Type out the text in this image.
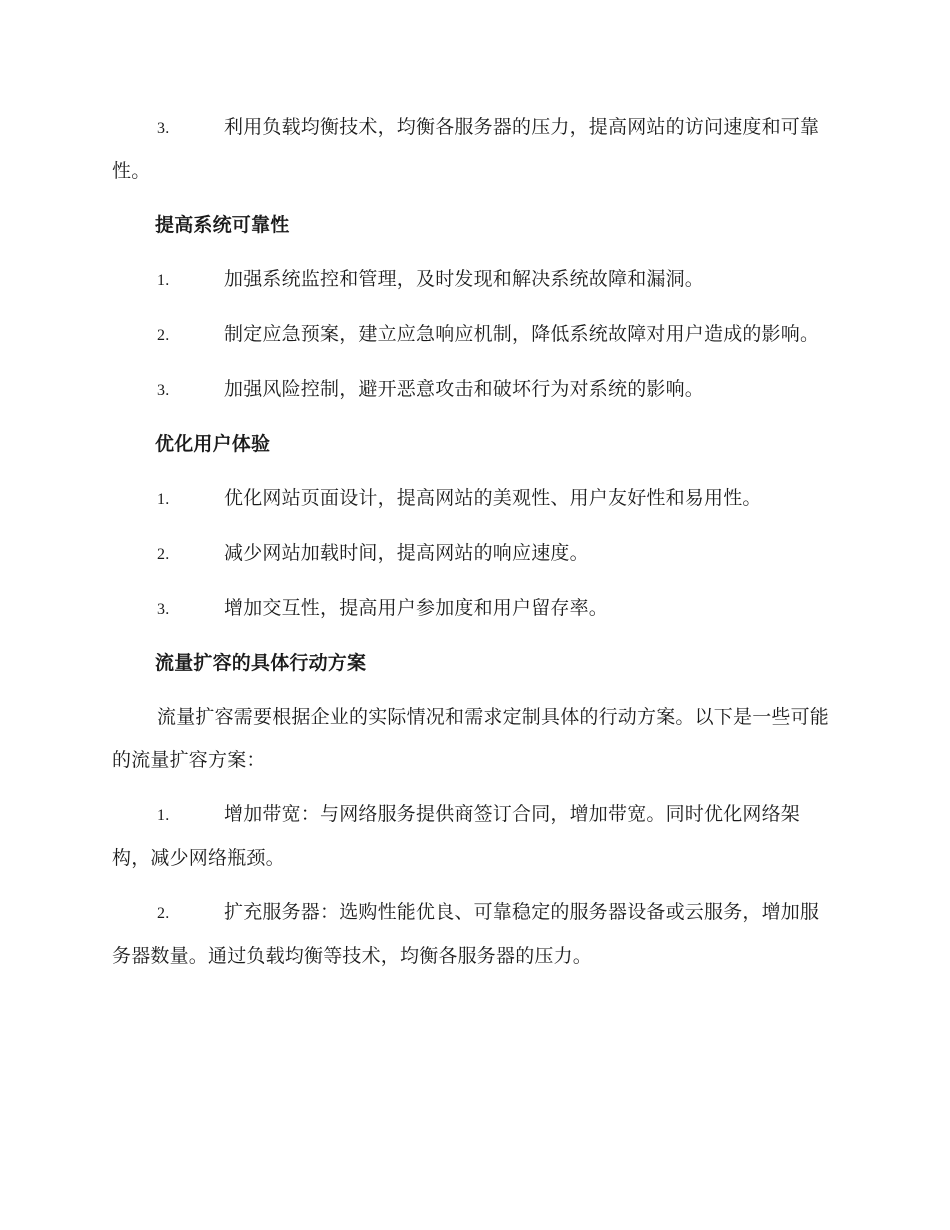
3.	利用负载均衡技术，均衡各服务器的压力，提高网站的访问速度和可靠性。

提高系统可靠性

1.	加强系统监控和管理，及时发现和解决系统故障和漏洞。

2.	制定应急预案，建立应急响应机制，降低系统故障对用户造成的影响。

3.	加强风险控制，避开恶意攻击和破坏行为对系统的影响。

优化用户体验

1.	优化网站页面设计，提高网站的美观性、用户友好性和易用性。

2.	减少网站加载时间，提高网站的响应速度。

3.	增加交互性，提高用户参加度和用户留存率。

流量扩容的具体行动方案

流量扩容需要根据企业的实际情况和需求定制具体的行动方案。以下是一些可能的流量扩容方案：

1.	增加带宽：与网络服务提供商签订合同，增加带宽。同时优化网络架构，减少网络瓶颈。

2.	扩充服务器：选购性能优良、可靠稳定的服务器设备或云服务，增加服务器数量。通过负载均衡等技术，均衡各服务器的压力。
